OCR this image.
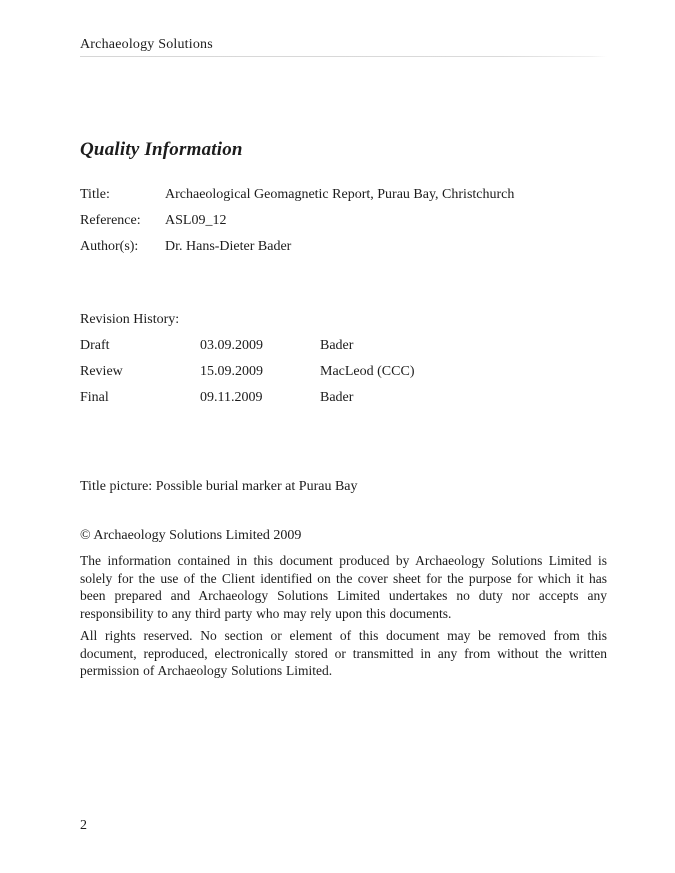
Archaeology Solutions
Quality Information
Title:	Archaeological Geomagnetic Report, Purau Bay, Christchurch
Reference:	ASL09_12
Author(s):	Dr. Hans-Dieter Bader
Revision History:
Draft	03.09.2009	Bader
Review	15.09.2009	MacLeod (CCC)
Final	09.11.2009	Bader
Title picture: Possible burial marker at Purau Bay
© Archaeology Solutions Limited 2009

The information contained in this document produced by Archaeology Solutions Limited is solely for the use of the Client identified on the cover sheet for the purpose for which it has been prepared and Archaeology Solutions Limited undertakes no duty nor accepts any responsibility to any third party who may rely upon this documents.

All rights reserved. No section or element of this document may be removed from this document, reproduced, electronically stored or transmitted in any from without the written permission of Archaeology Solutions Limited.

2
